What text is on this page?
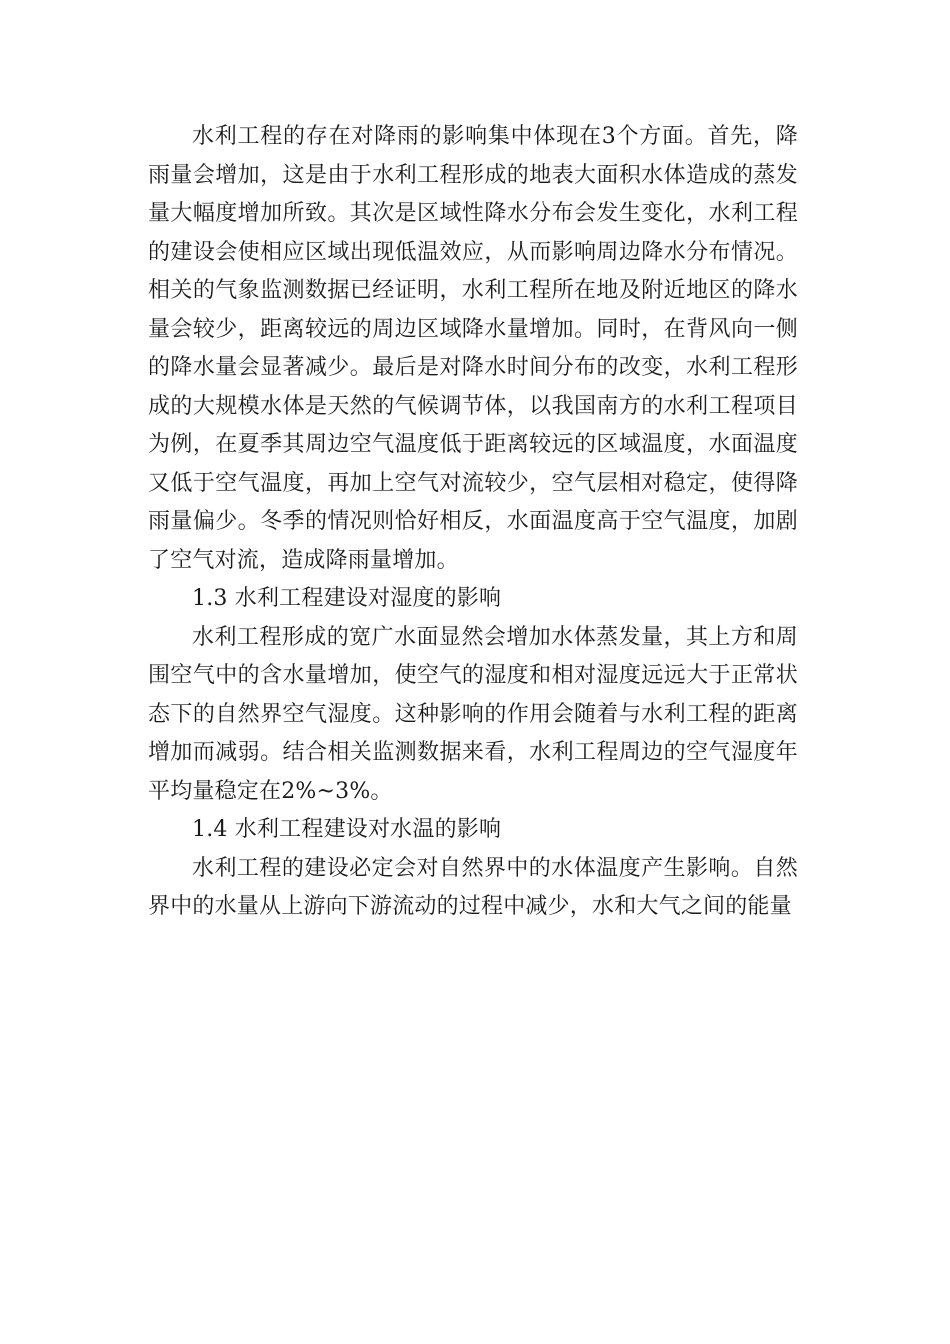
水利工程的存在对降雨的影响集中体现在3个方面。首先，降雨量会增加，这是由于水利工程形成的地表大面积水体造成的蒸发量大幅度增加所致。其次是区域性降水分布会发生变化，水利工程的建设会使相应区域出现低温效应，从而影响周边降水分布情况。相关的气象监测数据已经证明，水利工程所在地及附近地区的降水量会较少，距离较远的周边区域降水量增加。同时，在背风向一侧的降水量会显著减少。最后是对降水时间分布的改变，水利工程形成的大规模水体是天然的气候调节体，以我国南方的水利工程项目为例，在夏季其周边空气温度低于距离较远的区域温度，水面温度又低于空气温度，再加上空气对流较少，空气层相对稳定，使得降雨量偏少。冬季的情况则恰好相反，水面温度高于空气温度，加剧了空气对流，造成降雨量增加。

1.3 水利工程建设对湿度的影响

水利工程形成的宽广水面显然会增加水体蒸发量，其上方和周围空气中的含水量增加，使空气的湿度和相对湿度远远大于正常状态下的自然界空气湿度。这种影响的作用会随着与水利工程的距离增加而减弱。结合相关监测数据来看，水利工程周边的空气湿度年平均量稳定在2%~3%。

1.4 水利工程建设对水温的影响

水利工程的建设必定会对自然界中的水体温度产生影响。自然界中的水量从上游向下游流动的过程中减少，水和大气之间的能量
